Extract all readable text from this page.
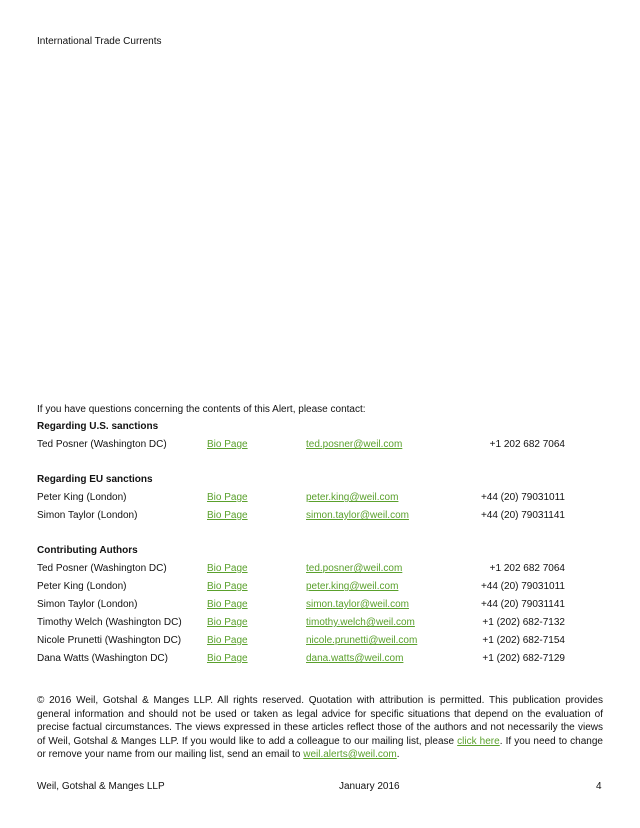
International Trade Currents
If you have questions concerning the contents of this Alert, please contact:
Regarding U.S. sanctions
Ted Posner (Washington DC)	Bio Page	ted.posner@weil.com	+1 202 682 7064
Regarding EU sanctions
Peter King (London)	Bio Page	peter.king@weil.com	+44 (20) 79031011
Simon Taylor (London)	Bio Page	simon.taylor@weil.com	+44 (20) 79031141
Contributing Authors
Ted Posner (Washington DC)	Bio Page	ted.posner@weil.com	+1 202 682 7064
Peter King (London)	Bio Page	peter.king@weil.com	+44 (20) 79031011
Simon Taylor (London)	Bio Page	simon.taylor@weil.com	+44 (20) 79031141
Timothy Welch (Washington DC)	Bio Page	timothy.welch@weil.com	+1 (202) 682-7132
Nicole Prunetti (Washington DC)	Bio Page	nicole.prunetti@weil.com	+1 (202) 682-7154
Dana Watts (Washington DC)	Bio Page	dana.watts@weil.com	+1 (202) 682-7129
© 2016 Weil, Gotshal & Manges LLP. All rights reserved. Quotation with attribution is permitted. This publication provides general information and should not be used or taken as legal advice for specific situations that depend on the evaluation of precise factual circumstances. The views expressed in these articles reflect those of the authors and not necessarily the views of Weil, Gotshal & Manges LLP. If you would like to add a colleague to our mailing list, please click here. If you need to change or remove your name from our mailing list, send an email to weil.alerts@weil.com.
Weil, Gotshal & Manges LLP	January 2016	4
